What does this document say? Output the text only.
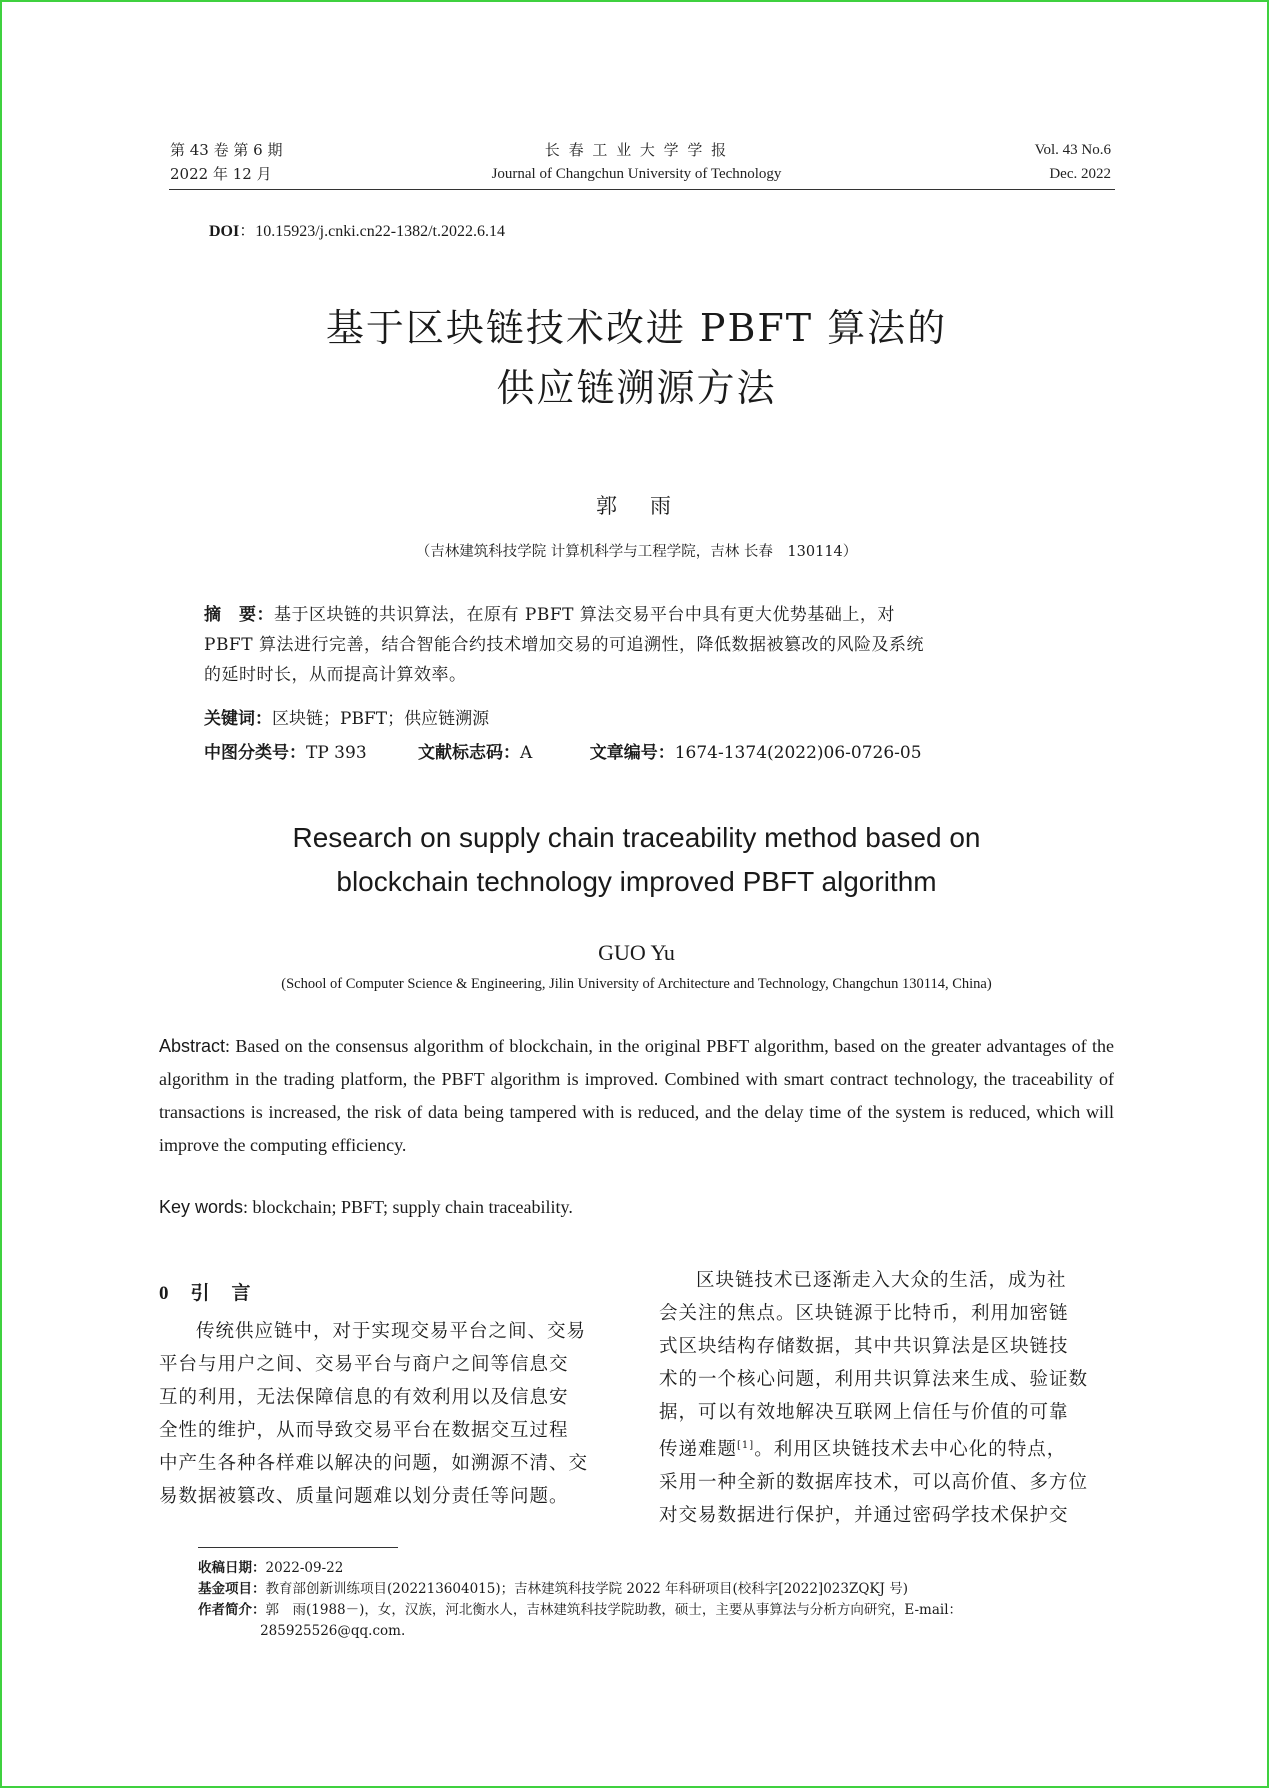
第 43 卷 第 6 期
2022 年 12 月
长 春 工 业 大 学 学 报
Journal of Changchun University of Technology
Vol. 43 No.6
Dec. 2022
DOI：10.15923/j.cnki.cn22-1382/t.2022.6.14
基于区块链技术改进 PBFT 算法的
供应链溯源方法
郭　雨
（吉林建筑科技学院 计算机科学与工程学院，吉林 长春　130114）
摘　要：基于区块链的共识算法，在原有 PBFT 算法交易平台中具有更大优势基础上，对
PBFT 算法进行完善，结合智能合约技术增加交易的可追溯性，降低数据被篡改的风险及系统
的延时时长，从而提高计算效率。
关键词：区块链；PBFT；供应链溯源
中图分类号：TP 393	文献标志码：A	文章编号：1674-1374(2022)06-0726-05
Research on supply chain traceability method based on
blockchain technology improved PBFT algorithm
GUO Yu
(School of Computer Science & Engineering, Jilin University of Architecture and Technology, Changchun 130114, China)
Abstract: Based on the consensus algorithm of blockchain, in the original PBFT algorithm, based on the greater advantages of the algorithm in the trading platform, the PBFT algorithm is improved. Combined with smart contract technology, the traceability of transactions is increased, the risk of data being tampered with is reduced, and the delay time of the system is reduced, which will improve the computing efficiency.
Key words: blockchain; PBFT; supply chain traceability.
0 引言
传统供应链中，对于实现交易平台之间、交易
平台与用户之间、交易平台与商户之间等信息交
互的利用，无法保障信息的有效利用以及信息安
全性的维护，从而导致交易平台在数据交互过程
中产生各种各样难以解决的问题，如溯源不清、交
易数据被篡改、质量问题难以划分责任等问题。
区块链技术已逐渐走入大众的生活，成为社
会关注的焦点。区块链源于比特币，利用加密链
式区块结构存储数据，其中共识算法是区块链技
术的一个核心问题，利用共识算法来生成、验证数
据，可以有效地解决互联网上信任与价值的可靠
传递难题[1]。利用区块链技术去中心化的特点，
采用一种全新的数据库技术，可以高价值、多方位
对交易数据进行保护，并通过密码学技术保护交
收稿日期：2022-09-22
基金项目：教育部创新训练项目(202213604015)；吉林建筑科技学院 2022 年科研项目(校科字[2022]023ZQKJ 号)
作者简介：郭　雨(1988－)，女，汉族，河北衡水人，吉林建筑科技学院助教，硕士，主要从事算法与分析方向研究，E-mail：
285925526@qq.com.
